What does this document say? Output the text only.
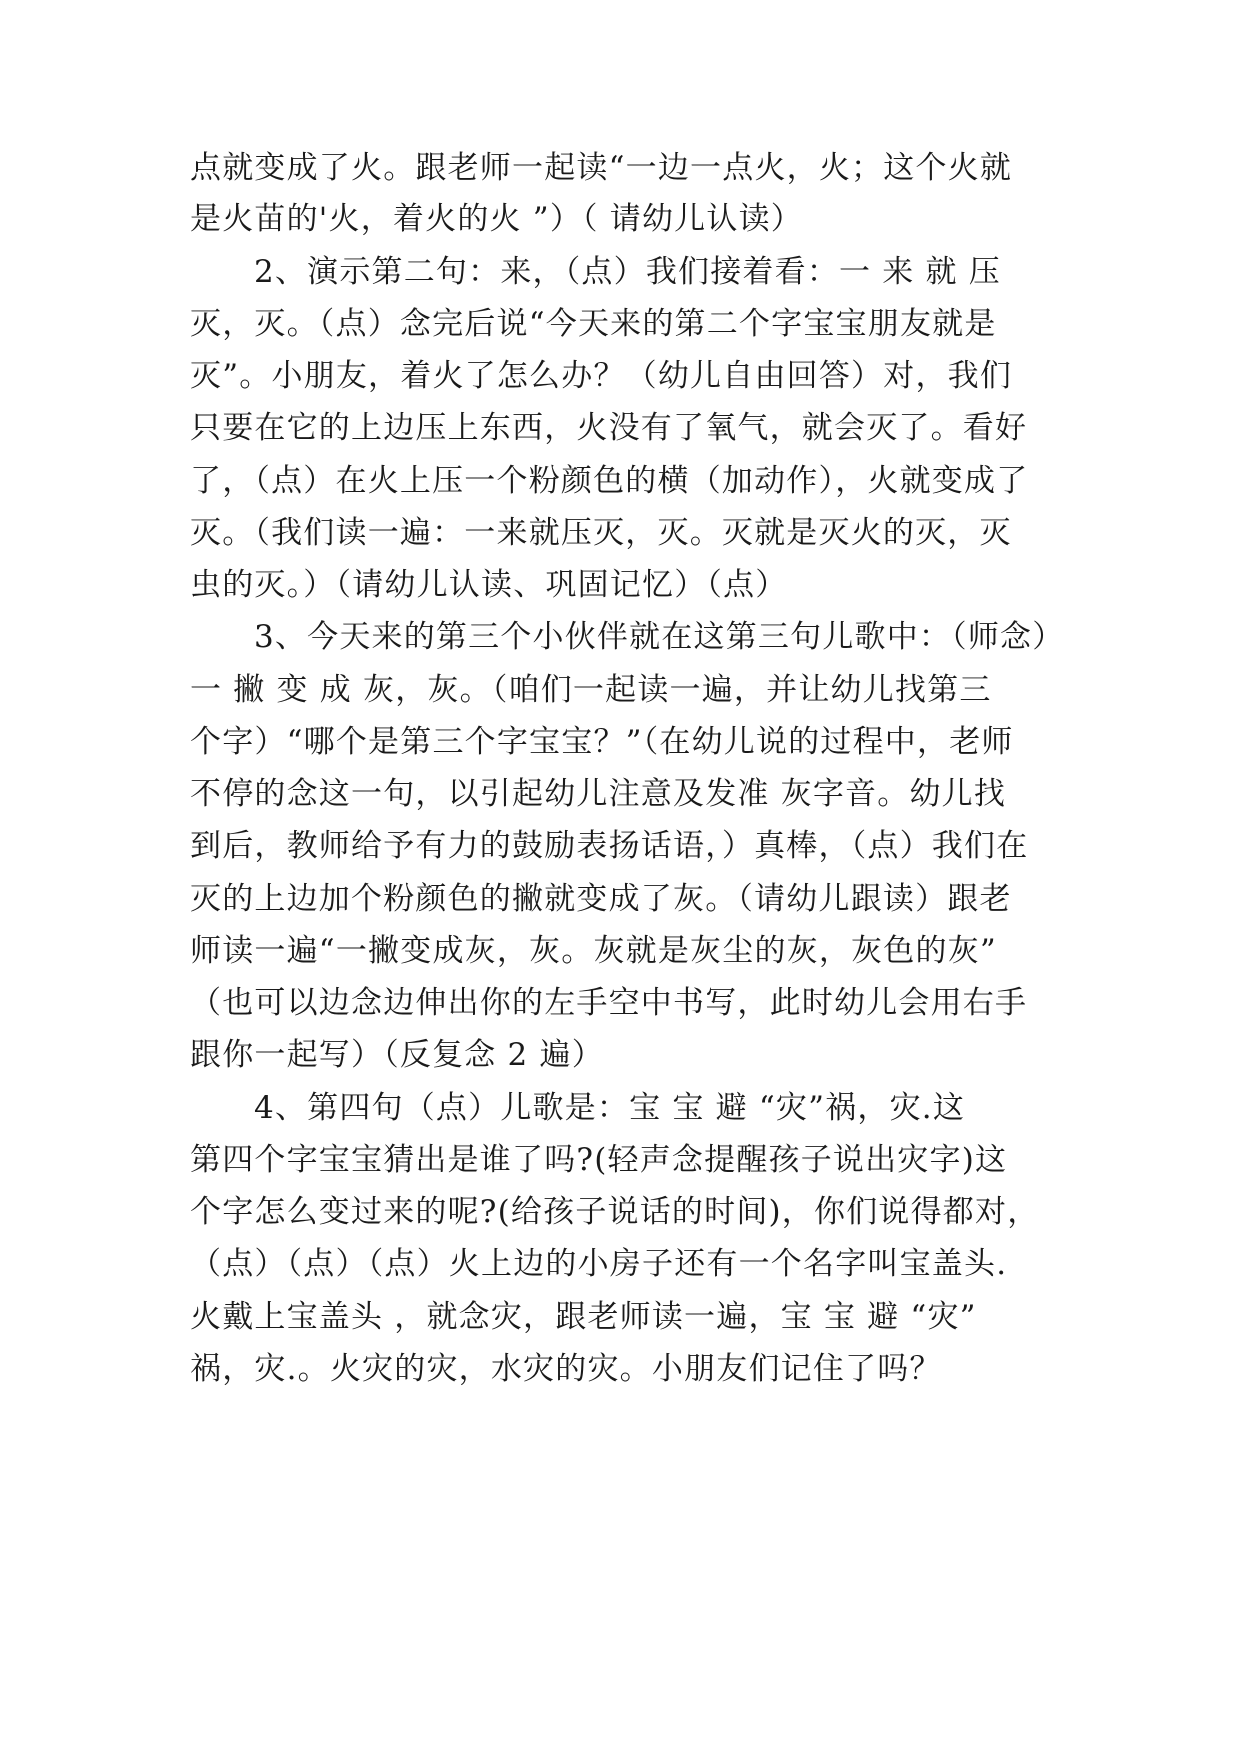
点就变成了火。跟老师一起读“一边一点火，火；这个火就
是火苗的'火，着火的火 ”）（ 请幼儿认读）
2、演示第二句：来，（点）我们接着看：一 来 就 压
灭，灭。（点）念完后说“今天来的第二个字宝宝朋友就是
灭”。小朋友，着火了怎么办？（幼儿自由回答）对，我们
只要在它的上边压上东西，火没有了氧气，就会灭了。看好
了，（点）在火上压一个粉颜色的横（加动作），火就变成了
灭。（我们读一遍：一来就压灭，灭。灭就是灭火的灭，灭
虫的灭。）（请幼儿认读、巩固记忆）（点）
3、今天来的第三个小伙伴就在这第三句儿歌中：（师念）
一 撇 变 成 灰，灰。（咱们一起读一遍，并让幼儿找第三
个字）“哪个是第三个字宝宝？”（在幼儿说的过程中，老师
不停的念这一句，以引起幼儿注意及发准 灰字音。幼儿找
到后，教师给予有力的鼓励表扬话语，）真棒，（点）我们在
灭的上边加个粉颜色的撇就变成了灰。（请幼儿跟读）跟老
师读一遍“一撇变成灰，灰。灰就是灰尘的灰，灰色的灰”
（也可以边念边伸出你的左手空中书写，此时幼儿会用右手
跟你一起写）（反复念 2 遍）
4、第四句（点）儿歌是：宝 宝 避 “灾”祸，灾.这
第四个字宝宝猜出是谁了吗?(轻声念提醒孩子说出灾字)这
个字怎么变过来的呢?(给孩子说话的时间)，你们说得都对，
（点）（点）（点）火上边的小房子还有一个名字叫宝盖头.
火戴上宝盖头 ，就念灾，跟老师读一遍，宝 宝 避 “灾”
祸，灾.。火灾的灾，水灾的灾。小朋友们记住了吗？
